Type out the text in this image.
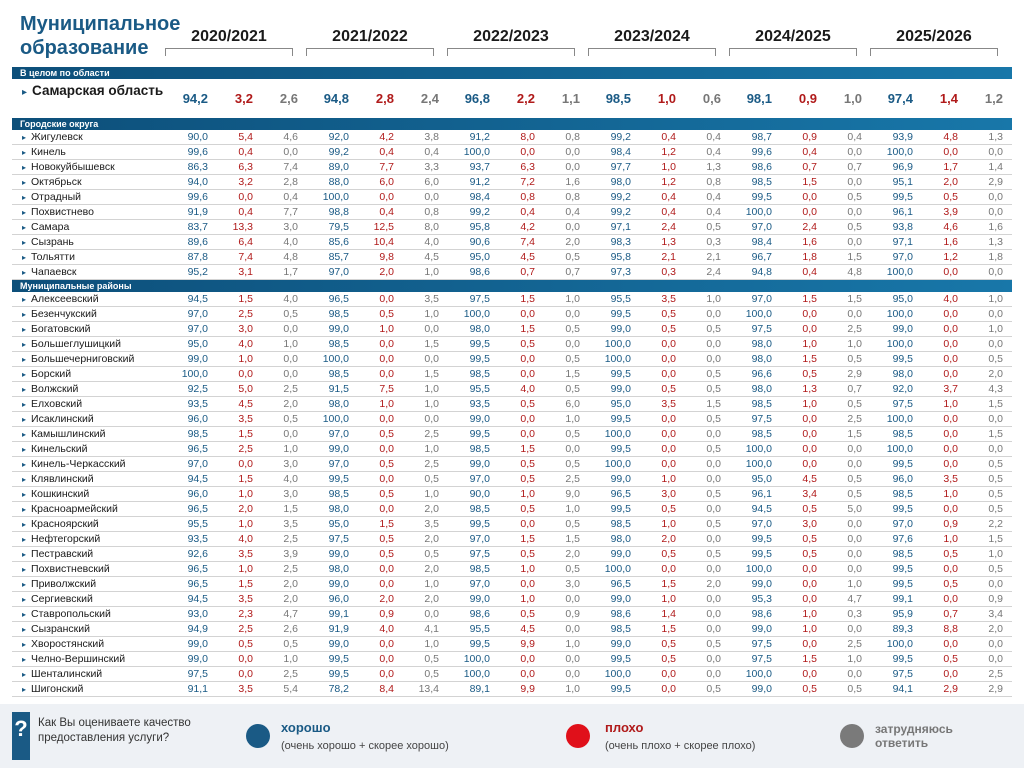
Муниципальное образование
2020/2021	2021/2022	2022/2023	2023/2024	2024/2025	2025/2026
В целом по области
▸ Самарская область
94,2	3,2	2,6	94,8	2,8	2,4	96,8	2,2	1,1	98,5	1,0	0,6	98,1	0,9	1,0	97,4	1,4	1,2
Городские округа
▸ Жигулевск	90,0	5,4	4,6	92,0	4,2	3,8	91,2	8,0	0,8	99,2	0,4	0,4	98,7	0,9	0,4	93,9	4,8	1,3
▸ Кинель	99,6	0,4	0,0	99,2	0,4	0,4	100,0	0,0	0,0	98,4	1,2	0,4	99,6	0,4	0,0	100,0	0,0	0,0
▸ Новокуйбышевск	86,3	6,3	7,4	89,0	7,7	3,3	93,7	6,3	0,0	97,7	1,0	1,3	98,6	0,7	0,7	96,9	1,7	1,4
▸ Октябрьск	94,0	3,2	2,8	88,0	6,0	6,0	91,2	7,2	1,6	98,0	1,2	0,8	98,5	1,5	0,0	95,1	2,0	2,9
▸ Отрадный	99,6	0,0	0,4	100,0	0,0	0,0	98,4	0,8	0,8	99,2	0,4	0,4	99,5	0,0	0,5	99,5	0,5	0,0
▸ Похвистнево	91,9	0,4	7,7	98,8	0,4	0,8	99,2	0,4	0,4	99,2	0,4	0,4	100,0	0,0	0,0	96,1	3,9	0,0
▸ Самара	83,7	13,3	3,0	79,5	12,5	8,0	95,8	4,2	0,0	97,1	2,4	0,5	97,0	2,4	0,5	93,8	4,6	1,6
▸ Сызрань	89,6	6,4	4,0	85,6	10,4	4,0	90,6	7,4	2,0	98,3	1,3	0,3	98,4	1,6	0,0	97,1	1,6	1,3
▸ Тольятти	87,8	7,4	4,8	85,7	9,8	4,5	95,0	4,5	0,5	95,8	2,1	2,1	96,7	1,8	1,5	97,0	1,2	1,8
▸ Чапаевск	95,2	3,1	1,7	97,0	2,0	1,0	98,6	0,7	0,7	97,3	0,3	2,4	94,8	0,4	4,8	100,0	0,0	0,0
Муниципальные районы
▸ Алексеевский	94,5	1,5	4,0	96,5	0,0	3,5	97,5	1,5	1,0	95,5	3,5	1,0	97,0	1,5	1,5	95,0	4,0	1,0
▸ Безенчукский	97,0	2,5	0,5	98,5	0,5	1,0	100,0	0,0	0,0	99,5	0,5	0,0	100,0	0,0	0,0	100,0	0,0	0,0
▸ Богатовский	97,0	3,0	0,0	99,0	1,0	0,0	98,0	1,5	0,5	99,0	0,5	0,5	97,5	0,0	2,5	99,0	0,0	1,0
▸ Большеглушицкий	95,0	4,0	1,0	98,5	0,0	1,5	99,5	0,5	0,0	100,0	0,0	0,0	98,0	1,0	1,0	100,0	0,0	0,0
▸ Большечерниговский	99,0	1,0	0,0	100,0	0,0	0,0	99,5	0,0	0,5	100,0	0,0	0,0	98,0	1,5	0,5	99,5	0,0	0,5
▸ Борский	100,0	0,0	0,0	98,5	0,0	1,5	98,5	0,0	1,5	99,5	0,0	0,5	96,6	0,5	2,9	98,0	0,0	2,0
▸ Волжский	92,5	5,0	2,5	91,5	7,5	1,0	95,5	4,0	0,5	99,0	0,5	0,5	98,0	1,3	0,7	92,0	3,7	4,3
▸ Елховский	93,5	4,5	2,0	98,0	1,0	1,0	93,5	0,5	6,0	95,0	3,5	1,5	98,5	1,0	0,5	97,5	1,0	1,5
▸ Исаклинский	96,0	3,5	0,5	100,0	0,0	0,0	99,0	0,0	1,0	99,5	0,0	0,5	97,5	0,0	2,5	100,0	0,0	0,0
▸ Камышлинский	98,5	1,5	0,0	97,0	0,5	2,5	99,5	0,0	0,5	100,0	0,0	0,0	98,5	0,0	1,5	98,5	0,0	1,5
▸ Кинельский	96,5	2,5	1,0	99,0	0,0	1,0	98,5	1,5	0,0	99,5	0,0	0,5	100,0	0,0	0,0	100,0	0,0	0,0
▸ Кинель-Черкасский	97,0	0,0	3,0	97,0	0,5	2,5	99,0	0,5	0,5	100,0	0,0	0,0	100,0	0,0	0,0	99,5	0,0	0,5
▸ Клявлинский	94,5	1,5	4,0	99,5	0,0	0,5	97,0	0,5	2,5	99,0	1,0	0,0	95,0	4,5	0,5	96,0	3,5	0,5
▸ Кошкинский	96,0	1,0	3,0	98,5	0,5	1,0	90,0	1,0	9,0	96,5	3,0	0,5	96,1	3,4	0,5	98,5	1,0	0,5
▸ Красноармейский	96,5	2,0	1,5	98,0	0,0	2,0	98,5	0,5	1,0	99,5	0,5	0,0	94,5	0,5	5,0	99,5	0,0	0,5
▸ Красноярский	95,5	1,0	3,5	95,0	1,5	3,5	99,5	0,0	0,5	98,5	1,0	0,5	97,0	3,0	0,0	97,0	0,9	2,2
▸ Нефтегорский	93,5	4,0	2,5	97,5	0,5	2,0	97,0	1,5	1,5	98,0	2,0	0,0	99,5	0,5	0,0	97,6	1,0	1,5
▸ Пестравский	92,6	3,5	3,9	99,0	0,5	0,5	97,5	0,5	2,0	99,0	0,5	0,5	99,5	0,5	0,0	98,5	0,5	1,0
▸ Похвистневский	96,5	1,0	2,5	98,0	0,0	2,0	98,5	1,0	0,5	100,0	0,0	0,0	100,0	0,0	0,0	99,5	0,0	0,5
▸ Приволжский	96,5	1,5	2,0	99,0	0,0	1,0	97,0	0,0	3,0	96,5	1,5	2,0	99,0	0,0	1,0	99,5	0,5	0,0
▸ Сергиевский	94,5	3,5	2,0	96,0	2,0	2,0	99,0	1,0	0,0	99,0	1,0	0,0	95,3	0,0	4,7	99,1	0,0	0,9
▸ Ставропольский	93,0	2,3	4,7	99,1	0,9	0,0	98,6	0,5	0,9	98,6	1,4	0,0	98,6	1,0	0,3	95,9	0,7	3,4
▸ Сызранский	94,9	2,5	2,6	91,9	4,0	4,1	95,5	4,5	0,0	98,5	1,5	0,0	99,0	1,0	0,0	89,3	8,8	2,0
▸ Хворостянский	99,0	0,5	0,5	99,0	0,0	1,0	99,5	9,9	1,0	99,0	0,5	0,5	97,5	0,0	2,5	100,0	0,0	0,0
▸ Челно-Вершинский	99,0	0,0	1,0	99,5	0,0	0,5	100,0	0,0	0,0	99,5	0,5	0,0	97,5	1,5	1,0	99,5	0,5	0,0
▸ Шенталинский	97,5	0,0	2,5	99,5	0,0	0,5	100,0	0,0	0,0	100,0	0,0	0,0	100,0	0,0	0,0	97,5	0,0	2,5
▸ Шигонский	91,1	3,5	5,4	78,2	8,4	13,4	89,1	9,9	1,0	99,5	0,0	0,5	99,0	0,5	0,5	94,1	2,9	2,9
? Как Вы оцениваете качество предоставления услуги?
хорошо
(очень хорошо + скорее хорошо)
плохо
(очень плохо + скорее плохо)
затрудняюсь ответить
